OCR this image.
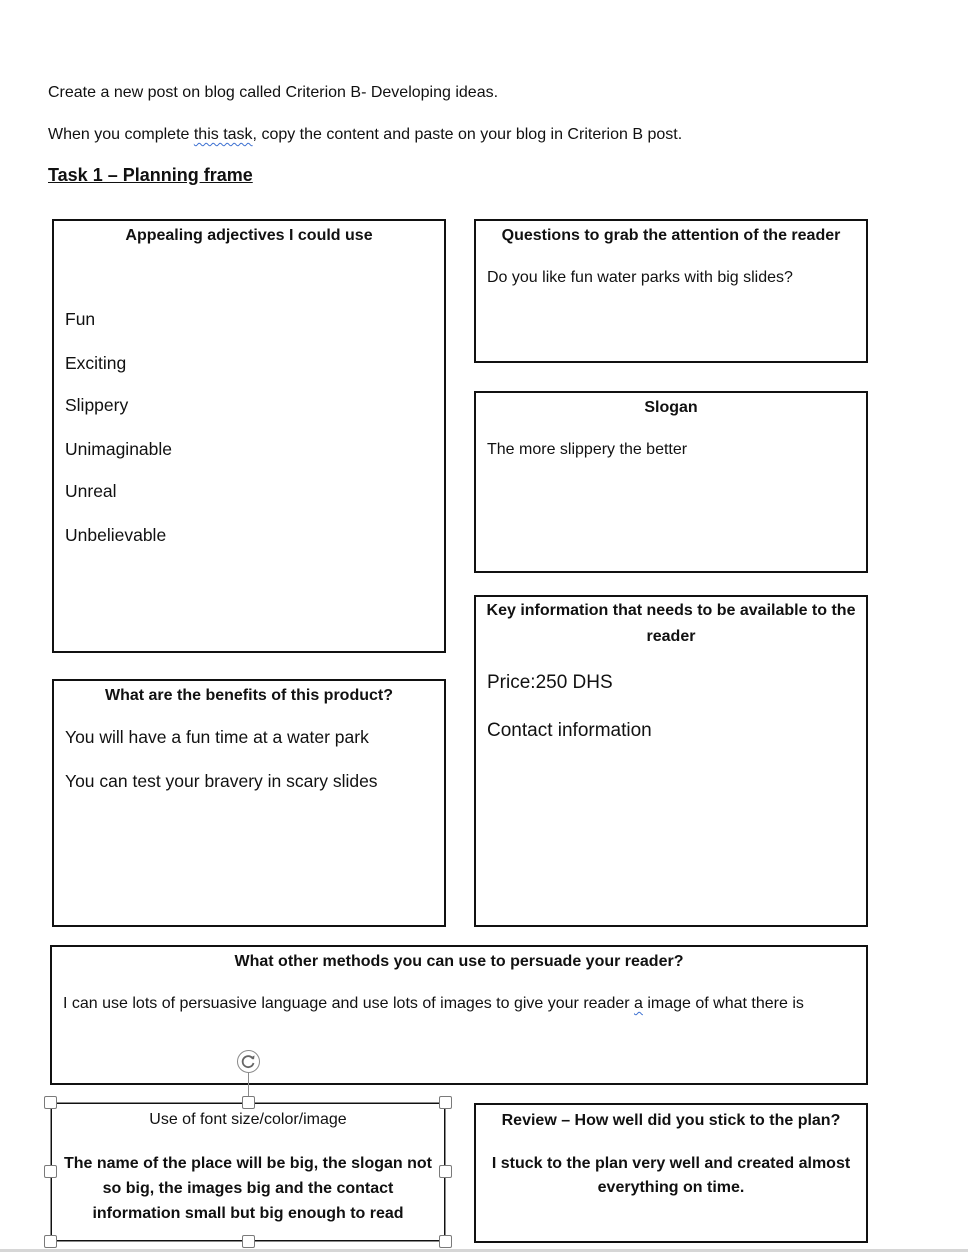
Create a new post on blog called Criterion B- Developing ideas.
When you complete this task, copy the content and paste on your blog in Criterion B post.
Task 1 – Planning frame
Appealing adjectives I could use
Fun
Exciting
Slippery
Unimaginable
Unreal
Unbelievable
Questions to grab the attention of the reader
Do you like fun water parks with big slides?
Slogan
The more slippery the better
Key information that needs to be available to the
reader
Price:250 DHS
Contact information
What are the benefits of this product?
You will have a fun time at a water park
You can test your bravery in scary slides
What other methods you can use to persuade your reader?
I can use lots of persuasive language and use lots of images to give your reader a image of what there is
Use of font size/color/image
The name of the place will be big, the slogan not
so big, the images big and the contact
information small but big enough to read
Review – How well did you stick to the plan?
I stuck to the plan very well and created almost
everything on time.
